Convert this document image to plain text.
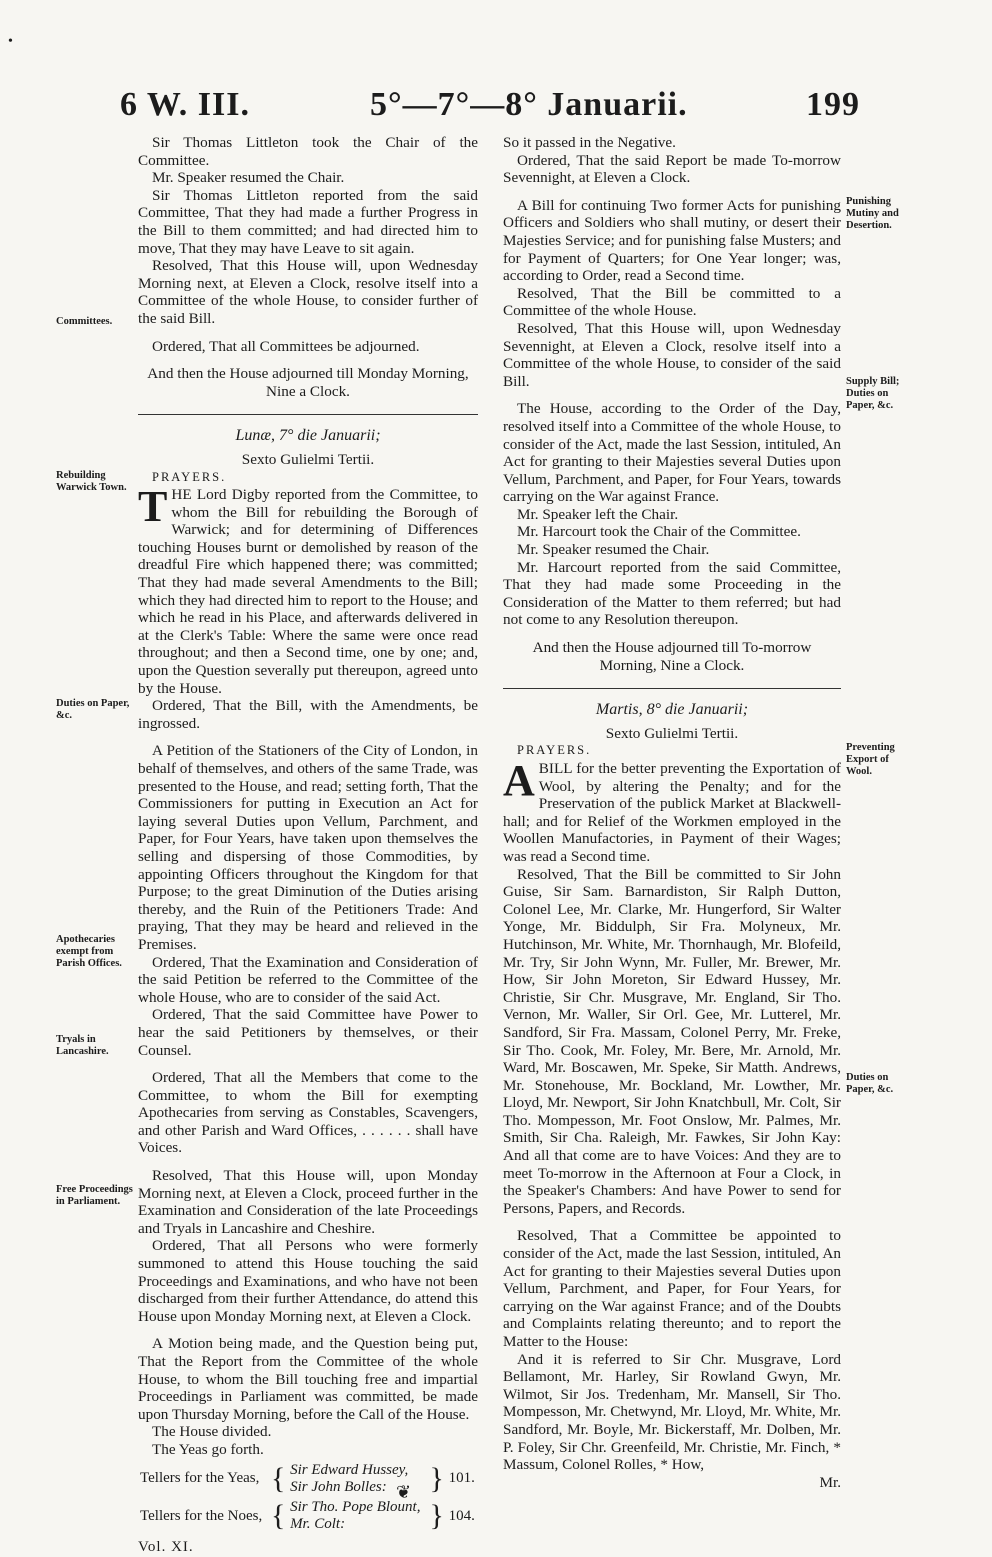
•
6 W. III.	5°—7°—8° Januarii.	199
Committees.
Rebuilding Warwick Town.
Duties on Paper, &c.
Apothecaries exempt from Parish Offices.
Tryals in Lancashire.
Free Proceedings in Parliament.
Punishing Mutiny and Desertion.
Supply Bill; Duties on Paper, &c.
Preventing Export of Wool.
Duties on Paper, &c.

Sir Thomas Littleton took the Chair of the Committee.

Mr. Speaker resumed the Chair.

Sir Thomas Littleton reported from the said Committee, That they had made a further Progress in the Bill to them committed; and had directed him to move, That they may have Leave to sit again.

Resolved, That this House will, upon Wednesday Morning next, at Eleven a Clock, resolve itself into a Committee of the whole House, to consider further of the said Bill.

Ordered, That all Committees be adjourned.

And then the House adjourned till Monday Morning, Nine a Clock.

Lunæ, 7° die Januarii;

Sexto Gulielmi Tertii.

PRAYERS.

THE Lord Digby reported from the Committee, to whom the Bill for rebuilding the Borough of Warwick; and for determining of Differences touching Houses burnt or demolished by reason of the dreadful Fire which happened there; was committed; That they had made several Amendments to the Bill; which they had directed him to report to the House; and which he read in his Place, and afterwards delivered in at the Clerk's Table: Where the same were once read throughout; and then a Second time, one by one; and, upon the Question severally put thereupon, agreed unto by the House.

Ordered, That the Bill, with the Amendments, be ingrossed.

A Petition of the Stationers of the City of London, in behalf of themselves, and others of the same Trade, was presented to the House, and read; setting forth, That the Commissioners for putting in Execution an Act for laying several Duties upon Vellum, Parchment, and Paper, for Four Years, have taken upon themselves the selling and dispersing of those Commodities, by appointing Officers throughout the Kingdom for that Purpose; to the great Diminution of the Duties arising thereby, and the Ruin of the Petitioners Trade: And praying, That they may be heard and relieved in the Premises.

Ordered, That the Examination and Consideration of the said Petition be referred to the Committee of the whole House, who are to consider of the said Act.

Ordered, That the said Committee have Power to hear the said Petitioners by themselves, or their Counsel.

Ordered, That all the Members that come to the Committee, to whom the Bill for exempting Apothecaries from serving as Constables, Scavengers, and other Parish and Ward Offices, . . . . . . shall have Voices.

Resolved, That this House will, upon Monday Morning next, at Eleven a Clock, proceed further in the Examination and Consideration of the late Proceedings and Tryals in Lancashire and Cheshire.

Ordered, That all Persons who were formerly summoned to attend this House touching the said Proceedings and Examinations, and who have not been discharged from their further Attendance, do attend this House upon Monday Morning next, at Eleven a Clock.

A Motion being made, and the Question being put, That the Report from the Committee of the whole House, to whom the Bill touching free and impartial Proceedings in Parliament was committed, be made upon Thursday Morning, before the Call of the House.

The House divided.

The Yeas go forth.

Tellers for the Yeas,	{	Sir Edward Hussey,
Sir John Bolles:	}	101.
Tellers for the Noes,	{	Sir Tho. Pope Blount,
Mr. Colt:	}	104.
Vol. XI.

So it passed in the Negative.

Ordered, That the said Report be made To-morrow Sevennight, at Eleven a Clock.

A Bill for continuing Two former Acts for punishing Officers and Soldiers who shall mutiny, or desert their Majesties Service; and for punishing false Musters; and for Payment of Quarters; for One Year longer; was, according to Order, read a Second time.

Resolved, That the Bill be committed to a Committee of the whole House.

Resolved, That this House will, upon Wednesday Sevennight, at Eleven a Clock, resolve itself into a Committee of the whole House, to consider of the said Bill.

The House, according to the Order of the Day, resolved itself into a Committee of the whole House, to consider of the Act, made the last Session, intituled, An Act for granting to their Majesties several Duties upon Vellum, Parchment, and Paper, for Four Years, towards carrying on the War against France.

Mr. Speaker left the Chair.

Mr. Harcourt took the Chair of the Committee.

Mr. Speaker resumed the Chair.

Mr. Harcourt reported from the said Committee, That they had made some Proceeding in the Consideration of the Matter to them referred; but had not come to any Resolution thereupon.

And then the House adjourned till To-morrow Morning, Nine a Clock.

Martis, 8° die Januarii;

Sexto Gulielmi Tertii.

PRAYERS.

ABILL for the better preventing the Exportation of Wool, by altering the Penalty; and for the Preservation of the publick Market at Blackwell-hall; and for Relief of the Workmen employed in the Woollen Manufactories, in Payment of their Wages; was read a Second time.

Resolved, That the Bill be committed to Sir John Guise, Sir Sam. Barnardiston, Sir Ralph Dutton, Colonel Lee, Mr. Clarke, Mr. Hungerford, Sir Walter Yonge, Mr. Biddulph, Sir Fra. Molyneux, Mr. Hutchinson, Mr. White, Mr. Thornhaugh, Mr. Blofeild, Mr. Try, Sir John Wynn, Mr. Fuller, Mr. Brewer, Mr. How, Sir John Moreton, Sir Edward Hussey, Mr. Christie, Sir Chr. Musgrave, Mr. England, Sir Tho. Vernon, Mr. Waller, Sir Orl. Gee, Mr. Lutterel, Mr. Sandford, Sir Fra. Massam, Colonel Perry, Mr. Freke, Sir Tho. Cook, Mr. Foley, Mr. Bere, Mr. Arnold, Mr. Ward, Mr. Boscawen, Mr. Speke, Sir Matth. Andrews, Mr. Stonehouse, Mr. Bockland, Mr. Lowther, Mr. Lloyd, Mr. Newport, Sir John Knatchbull, Mr. Colt, Sir Tho. Mompesson, Mr. Foot Onslow, Mr. Palmes, Mr. Smith, Sir Cha. Raleigh, Mr. Fawkes, Sir John Kay: And all that come are to have Voices: And they are to meet To-morrow in the Afternoon at Four a Clock, in the Speaker's Chambers: And have Power to send for Persons, Papers, and Records.

Resolved, That a Committee be appointed to consider of the Act, made the last Session, intituled, An Act for granting to their Majesties several Duties upon Vellum, Parchment, and Paper, for Four Years, for carrying on the War against France; and of the Doubts and Complaints relating thereunto; and to report the Matter to the House:

And it is referred to Sir Chr. Musgrave, Lord Bellamont, Mr. Harley, Sir Rowland Gwyn, Mr. Wilmot, Sir Jos. Tredenham, Mr. Mansell, Sir Tho. Mompesson, Mr. Chetwynd, Mr. Lloyd, Mr. White, Mr. Sandford, Mr. Boyle, Mr. Bickerstaff, Mr. Dolben, Mr. P. Foley, Sir Chr. Greenfeild, Mr. Christie, Mr. Finch, * Massum, Colonel Rolles, * How,

Mr.

❦
